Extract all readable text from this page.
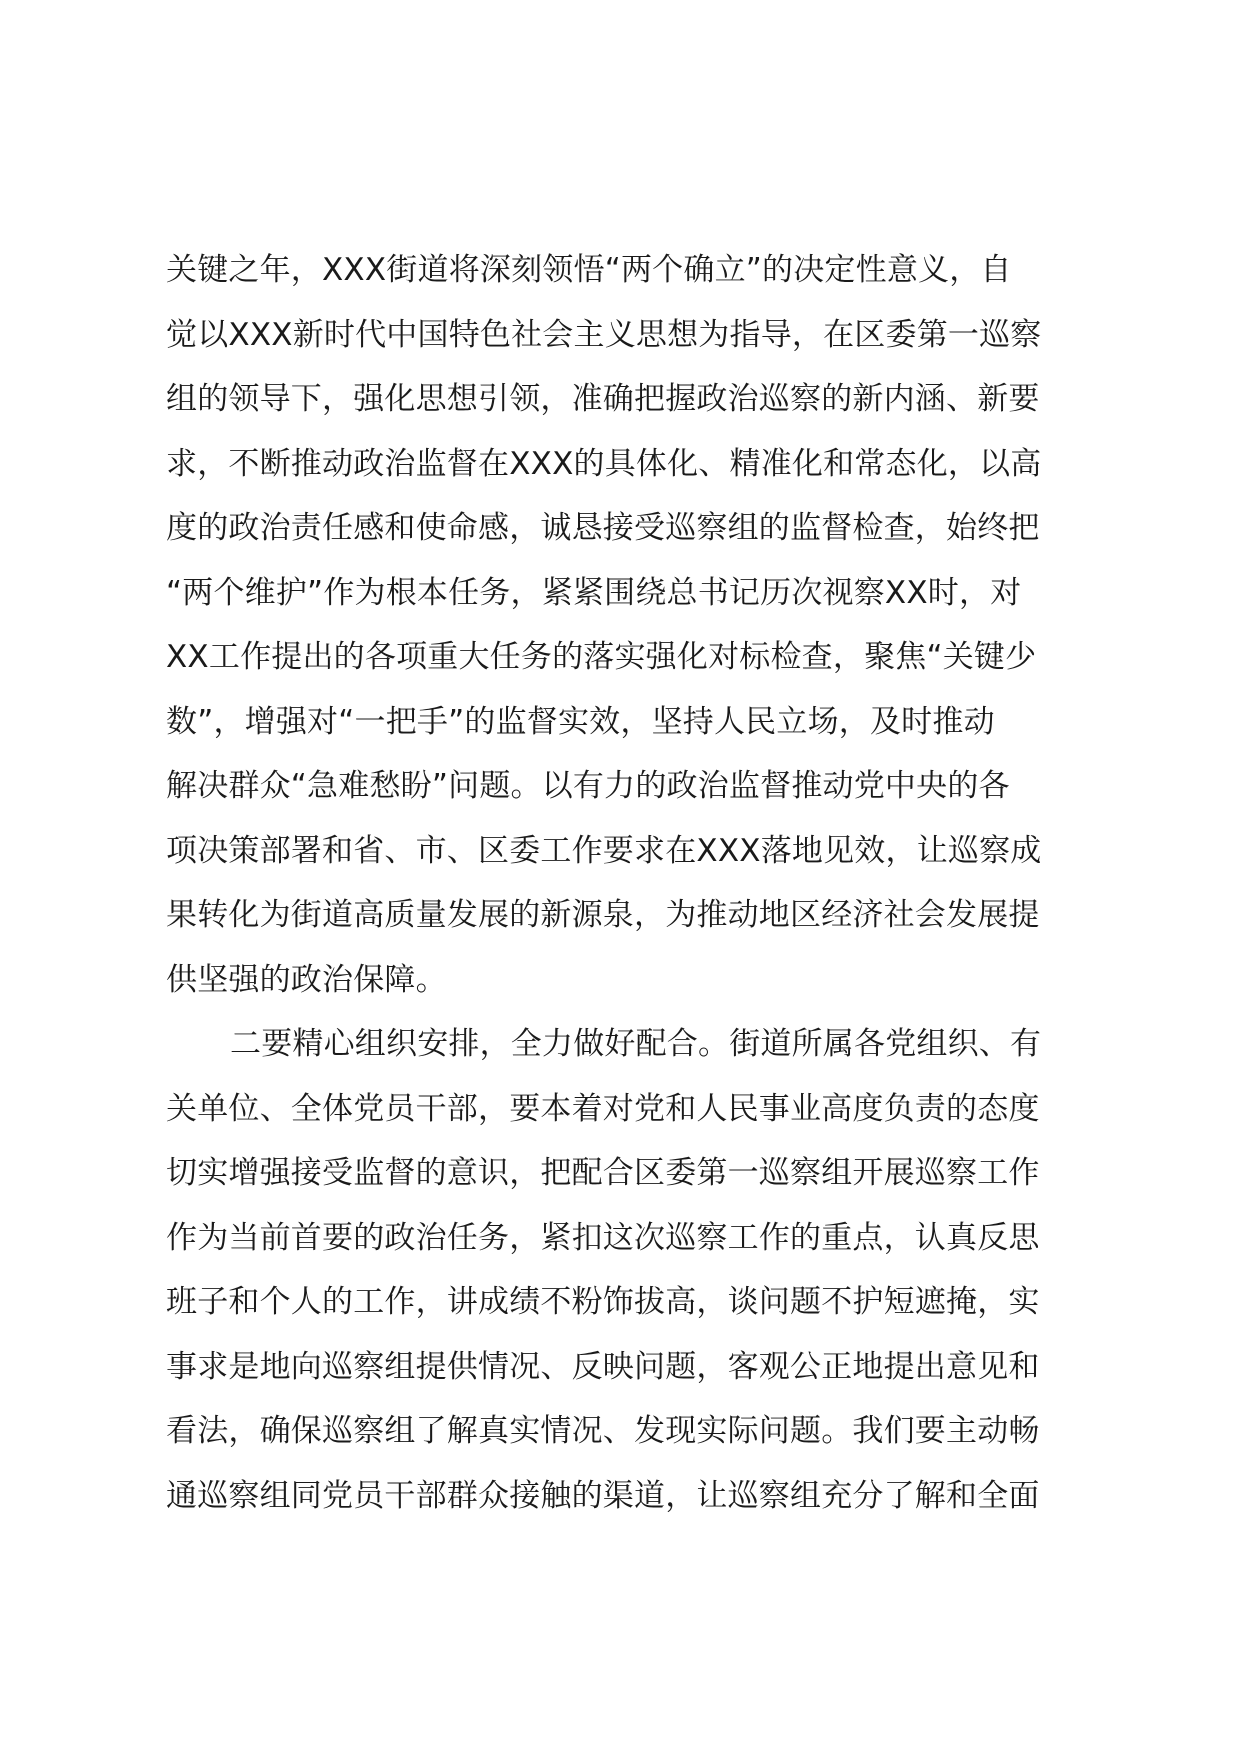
关键之年，XXX街道将深刻领悟“两个确立”的决定性意义，自
觉以XXX新时代中国特色社会主义思想为指导，在区委第一巡察
组的领导下，强化思想引领，准确把握政治巡察的新内涵、新要
求，不断推动政治监督在XXX的具体化、精准化和常态化，以高
度的政治责任感和使命感，诚恳接受巡察组的监督检查，始终把
“两个维护”作为根本任务，紧紧围绕总书记历次视察XX时，对
XX工作提出的各项重大任务的落实强化对标检查，聚焦“关键少
数”，增强对“一把手”的监督实效，坚持人民立场，及时推动
解决群众“急难愁盼”问题。以有力的政治监督推动党中央的各
项决策部署和省、市、区委工作要求在XXX落地见效，让巡察成
果转化为街道高质量发展的新源泉，为推动地区经济社会发展提
供坚强的政治保障。
二要精心组织安排，全力做好配合。街道所属各党组织、有
关单位、全体党员干部，要本着对党和人民事业高度负责的态度
切实增强接受监督的意识，把配合区委第一巡察组开展巡察工作
作为当前首要的政治任务，紧扣这次巡察工作的重点，认真反思
班子和个人的工作，讲成绩不粉饰拔高，谈问题不护短遮掩，实
事求是地向巡察组提供情况、反映问题，客观公正地提出意见和
看法，确保巡察组了解真实情况、发现实际问题。我们要主动畅
通巡察组同党员干部群众接触的渠道，让巡察组充分了解和全面
